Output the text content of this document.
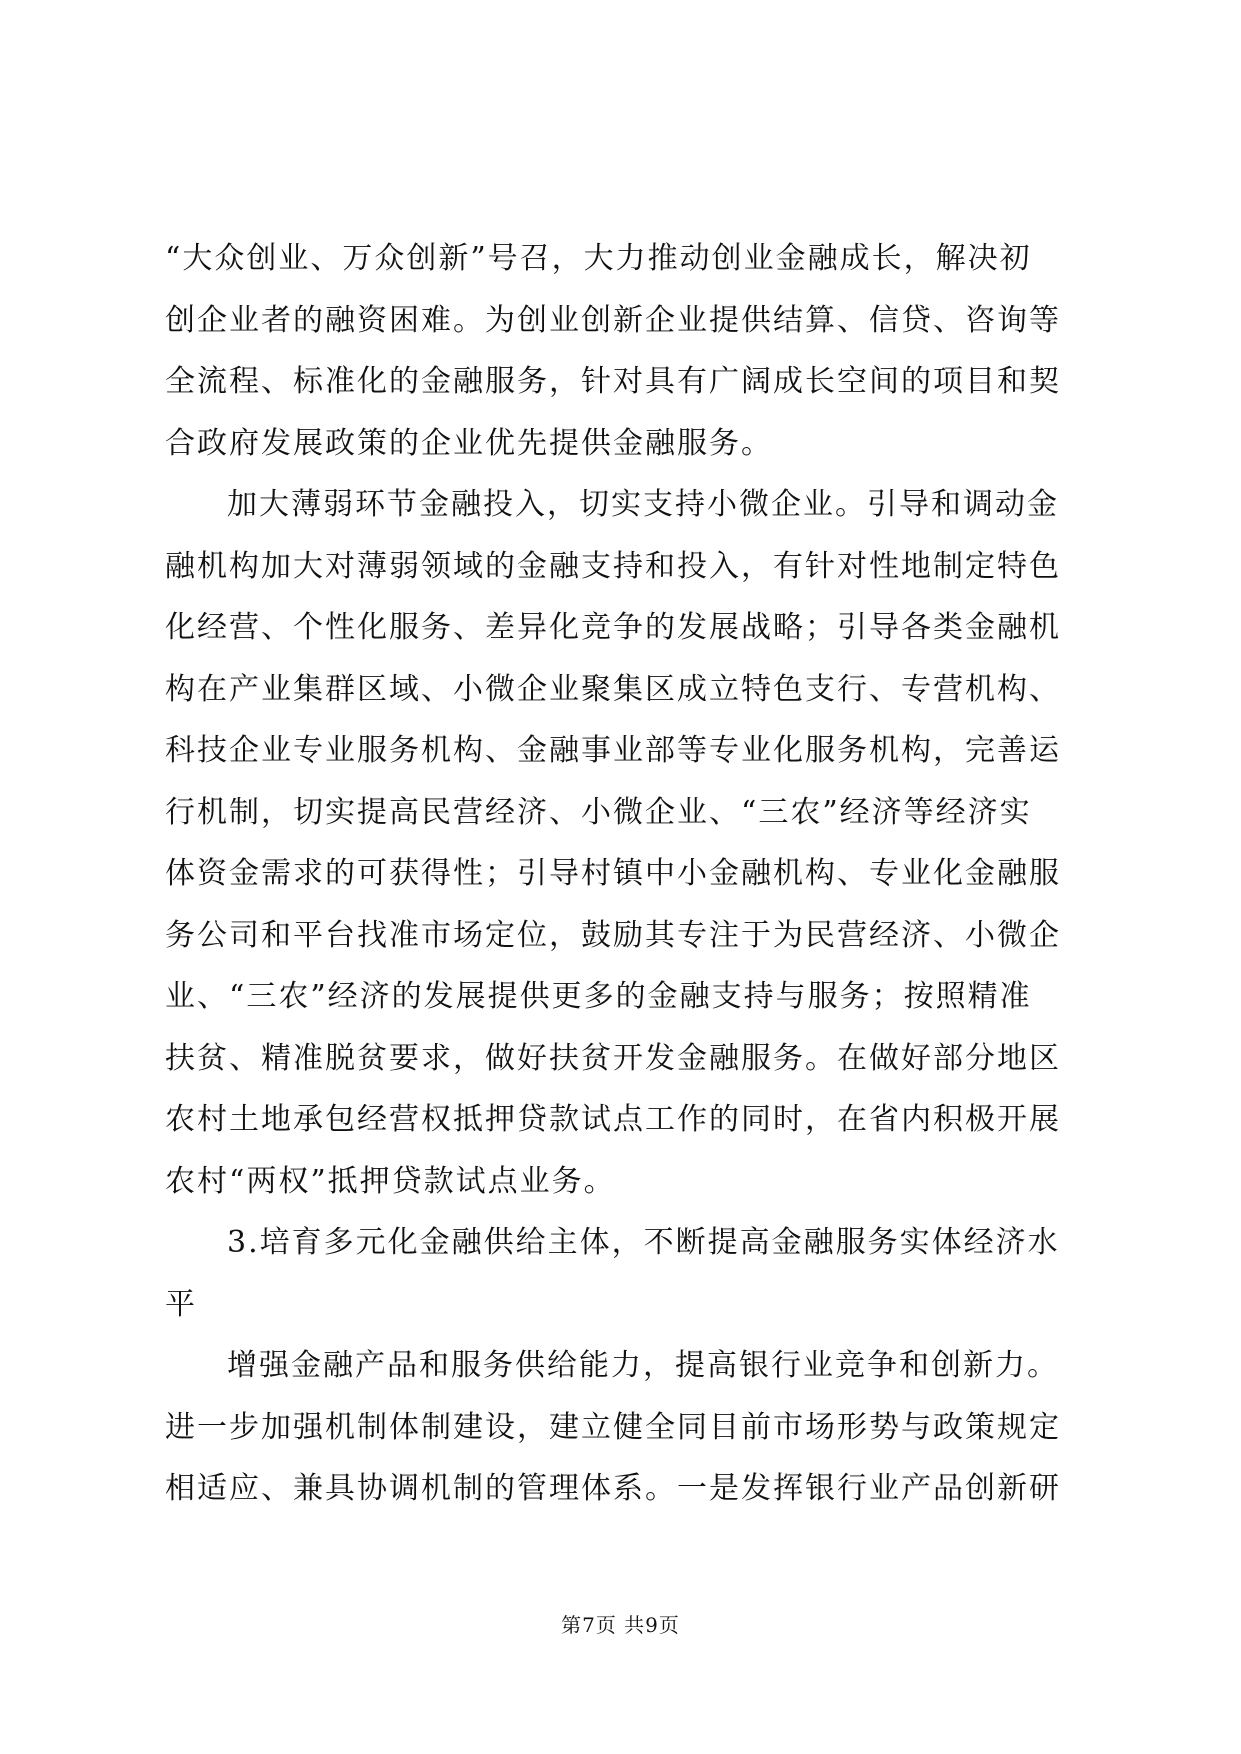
“大众创业、万众创新”号召，大力推动创业金融成长，解决初
创企业者的融资困难。为创业创新企业提供结算、信贷、咨询等
全流程、标准化的金融服务，针对具有广阔成长空间的项目和契
合政府发展政策的企业优先提供金融服务。
加大薄弱环节金融投入，切实支持小微企业。引导和调动金
融机构加大对薄弱领域的金融支持和投入，有针对性地制定特色
化经营、个性化服务、差异化竞争的发展战略；引导各类金融机
构在产业集群区域、小微企业聚集区成立特色支行、专营机构、
科技企业专业服务机构、金融事业部等专业化服务机构，完善运
行机制，切实提高民营经济、小微企业、“三农”经济等经济实
体资金需求的可获得性；引导村镇中小金融机构、专业化金融服
务公司和平台找准市场定位，鼓励其专注于为民营经济、小微企
业、“三农”经济的发展提供更多的金融支持与服务；按照精准
扶贫、精准脱贫要求，做好扶贫开发金融服务。在做好部分地区
农村土地承包经营权抵押贷款试点工作的同时，在省内积极开展
农村“两权”抵押贷款试点业务。
3.培育多元化金融供给主体，不断提高金融服务实体经济水
平
增强金融产品和服务供给能力，提高银行业竞争和创新力。
进一步加强机制体制建设，建立健全同目前市场形势与政策规定
相适应、兼具协调机制的管理体系。一是发挥银行业产品创新研
第7页 共9页
